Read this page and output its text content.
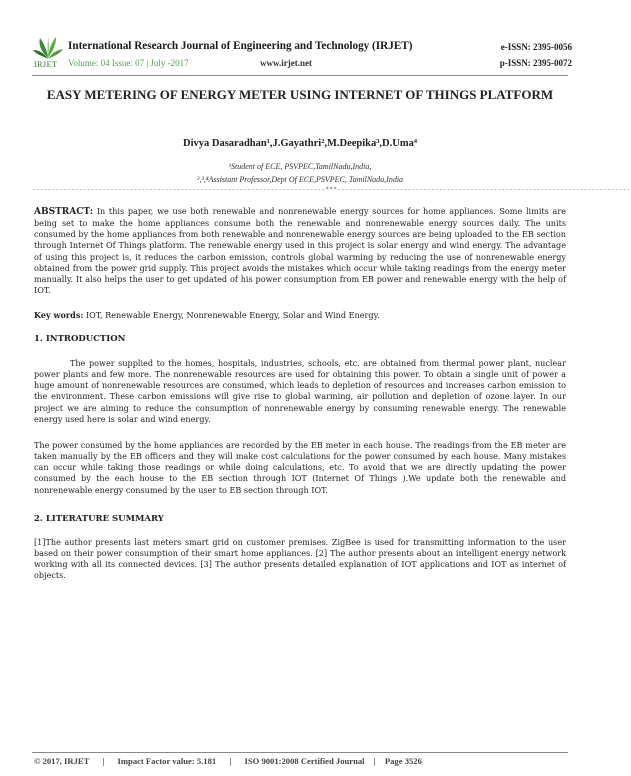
IRJET
International Research Journal of Engineering and Technology (IRJET)
Volume: 04 Issue: 07 | July -2017	www.irjet.net
e-ISSN: 2395-0056
p-ISSN: 2395-0072
EASY METERING OF ENERGY METER USING INTERNET OF THINGS PLATFORM
Divya Dasaradhan¹,J.Gayathri²,M.Deepika³,D.Uma⁴
¹Student of ECE, PSVPEC,TamilNadu,India,
²,³,⁴Assistant Professor,Dept Of ECE,PSVPEC, TamilNadu,India
---------------------------------------------------------------------------***---------------------------------------------------------------------------
ABSTRACT: In this paper, we use both renewable and nonrenewable energy sources for home appliances. Some limits are being set to make the home appliances consume both the renewable and nonrenewable energy sources daily. The units consumed by the home appliances from both renewable and nonrenewable energy sources are being uploaded to the EB section through Internet Of Things platform. The renewable energy used in this project is solar energy and wind energy. The advantage of using this project is, it reduces the carbon emission, controls global warming by reducing the use of nonrenewable energy obtained from the power grid supply. This project avoids the mistakes which occur while taking readings from the energy meter manually. It also helps the user to get updated of his power consumption from EB power and renewable energy with the help of IOT.
Key words: IOT, Renewable Energy, Nonrenewable Energy, Solar and Wind Energy.
1. INTRODUCTION
The power supplied to the homes, hospitals, industries, schools, etc. are obtained from thermal power plant, nuclear power plants and few more. The nonrenewable resources are used for obtaining this power. To obtain a single unit of power a huge amount of nonrenewable resources are consumed, which leads to depletion of resources and increases carbon emission to the environment. These carbon emissions will give rise to global warming, air pollution and depletion of ozone layer. In our project we are aiming to reduce the consumption of nonrenewable energy by consuming renewable energy. The renewable energy used here is solar and wind energy.
The power consumed by the home appliances are recorded by the EB meter in each house. The readings from the EB meter are taken manually by the EB officers and they will make cost calculations for the power consumed by each house. Many mistakes can occur while taking those readings or while doing calculations, etc. To avoid that we are directly updating the power consumed by the each house to the EB section through IOT (Internet Of Things ).We update both the renewable and nonrenewable energy consumed by the user to EB section through IOT.
2. LITERATURE SUMMARY
[1]The author presents last meters smart grid on customer premises. ZigBee is used for transmitting information to the user based on their power consumption of their smart home appliances. [2] The author presents about an intelligent energy network working with all its connected devices. [3] The author presents detailed explanation of IOT applications and IOT as internet of objects.
© 2017, IRJET | Impact Factor value: 5.181 | ISO 9001:2008 Certified Journal | Page 3526
